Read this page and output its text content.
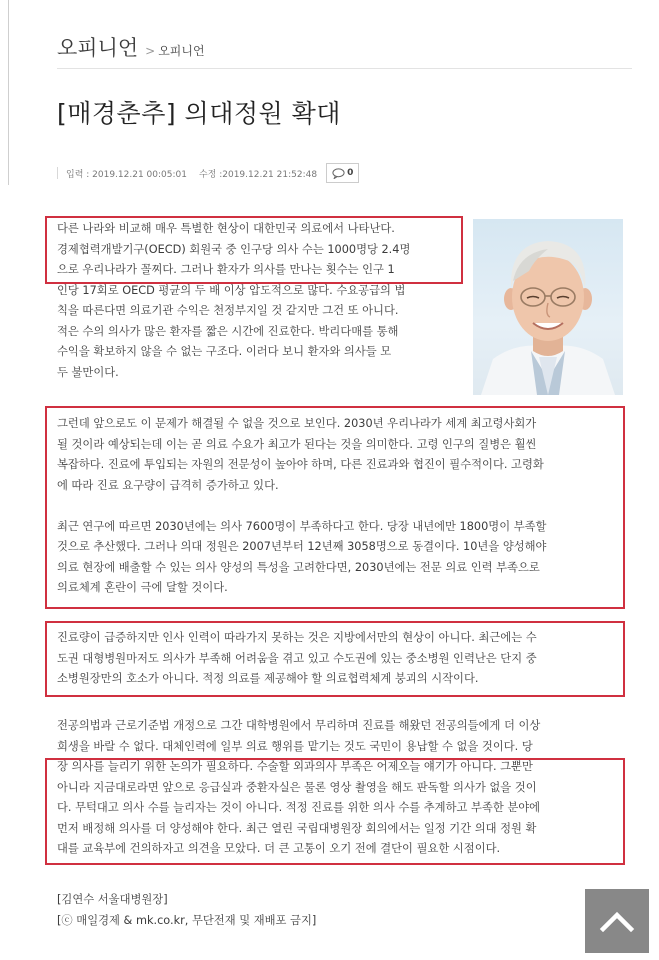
오피니언 > 오피니언
[매경춘추] 의대정원 확대
입력 : 2019.12.21 00:05:01 수정 :2019.12.21 21:52:48	0

다른 나라와 비교해 매우 특별한 현상이 대한민국 의료에서 나타난다.

경제협력개발기구(OECD) 회원국 중 인구당 의사 수는 1000명당 2.4명

으로 우리나라가 꼴찌다. 그러나 환자가 의사를 만나는 횟수는 인구 1

인당 17회로 OECD 평균의 두 배 이상 압도적으로 많다. 수요공급의 법

칙을 따른다면 의료기관 수익은 천정부지일 것 같지만 그건 또 아니다.

적은 수의 의사가 많은 환자를 짧은 시간에 진료한다. 박리다매를 통해

수익을 확보하지 않을 수 없는 구조다. 이러다 보니 환자와 의사들 모

두 불만이다.

그런데 앞으로도 이 문제가 해결될 수 없을 것으로 보인다. 2030년 우리나라가 세계 최고령사회가

될 것이라 예상되는데 이는 곧 의료 수요가 최고가 된다는 것을 의미한다. 고령 인구의 질병은 훨씬

복잡하다. 진료에 투입되는 자원의 전문성이 높아야 하며, 다른 진료과와 협진이 필수적이다. 고령화

에 따라 진료 요구량이 급격히 증가하고 있다.

최근 연구에 따르면 2030년에는 의사 7600명이 부족하다고 한다. 당장 내년에만 1800명이 부족할

것으로 추산했다. 그러나 의대 정원은 2007년부터 12년째 3058명으로 동결이다. 10년을 양성해야

의료 현장에 배출할 수 있는 의사 양성의 특성을 고려한다면, 2030년에는 전문 의료 인력 부족으로

의료체계 혼란이 극에 달할 것이다.

진료량이 급증하지만 인사 인력이 따라가지 못하는 것은 지방에서만의 현상이 아니다. 최근에는 수

도권 대형병원마저도 의사가 부족해 어려움을 겪고 있고 수도권에 있는 중소병원 인력난은 단지 중

소병원장만의 호소가 아니다. 적정 의료를 제공해야 할 의료협력체계 붕괴의 시작이다.

전공의법과 근로기준법 개정으로 그간 대학병원에서 무리하며 진료를 해왔던 전공의들에게 더 이상

희생을 바랄 수 없다. 대체인력에 일부 의료 행위를 맡기는 것도 국민이 용납할 수 없을 것이다. 당

장 의사를 늘리기 위한 논의가 필요하다. 수술할 외과의사 부족은 어제오늘 얘기가 아니다. 그뿐만

아니라 지금대로라면 앞으로 응급실과 중환자실은 물론 영상 촬영을 해도 판독할 의사가 없을 것이

다. 무턱대고 의사 수를 늘리자는 것이 아니다. 적정 진료를 위한 의사 수를 추계하고 부족한 분야에

먼저 배정해 의사를 더 양성해야 한다. 최근 열린 국립대병원장 회의에서는 일정 기간 의대 정원 확

대를 교육부에 건의하자고 의견을 모았다. 더 큰 고통이 오기 전에 결단이 필요한 시점이다.

[김연수 서울대병원장]

[ⓒ 매일경제 & mk.co.kr, 무단전재 및 재배포 금지]
